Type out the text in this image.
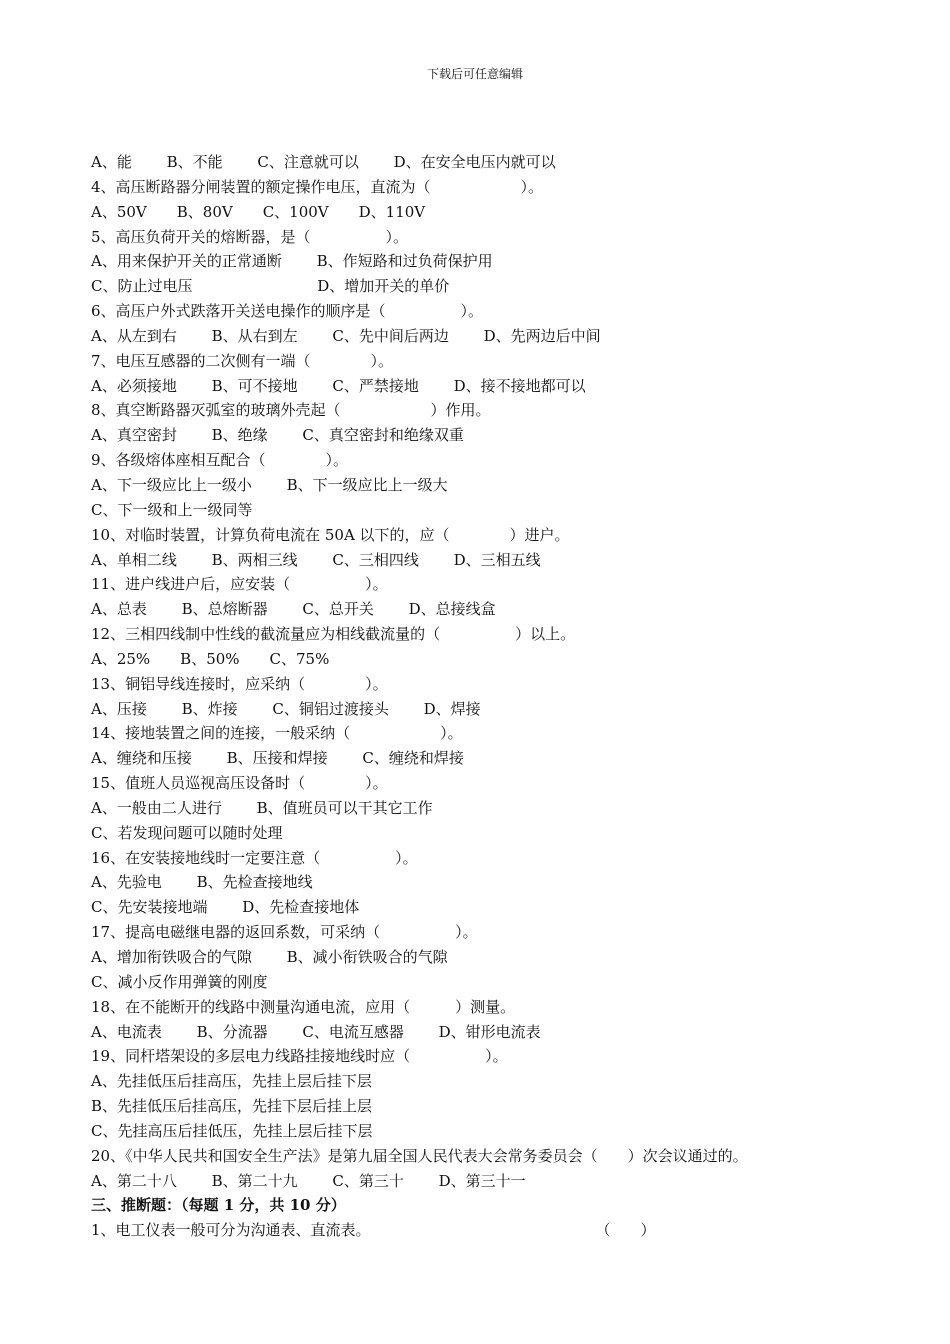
下载后可任意编辑
A、能　　 B、不能　　 C、注意就可以　　 D、在安全电压内就可以
4、高压断路器分闸装置的额定操作电压，直流为（　　　　　　）。
A、50V　　B、80V　　C、100V　　D、110V
5、高压负荷开关的熔断器，是（　　　　　）。
A、用来保护开关的正常通断　　 B、作短路和过负荷保护用
C、防止过电压　　　　　　　　 D、增加开关的单价
6、高压户外式跌落开关送电操作的顺序是（　　　　　）。
A、从左到右　　 B、从右到左　　 C、先中间后两边　　 D、先两边后中间
7、电压互感器的二次侧有一端（　　　　）。
A、必须接地　　 B、可不接地　　 C、严禁接地　　 D、接不接地都可以
8、真空断路器灭弧室的玻璃外壳起（　　　　　　）作用。
A、真空密封　　 B、绝缘　　 C、真空密封和绝缘双重
9、各级熔体座相互配合（　　　　）。
A、下一级应比上一级小　　 B、下一级应比上一级大
C、下一级和上一级同等
10、对临时装置，计算负荷电流在 50A 以下的，应（　　　　）进户。
A、单相二线　　 B、两相三线　　 C、三相四线　　 D、三相五线
11、进户线进户后，应安装（　　　　　）。
A、总表　　 B、总熔断器　　 C、总开关　　 D、总接线盒
12、三相四线制中性线的截流量应为相线截流量的（　　　　　）以上。
A、25%　　B、50%　　C、75%
13、铜铝导线连接时，应采纳（　　　　）。
A、压接　　 B、炸接　　 C、铜铝过渡接头　　 D、焊接
14、接地装置之间的连接，一般采纳（　　　　　　）。
A、缠绕和压接　　 B、压接和焊接　　 C、缠绕和焊接
15、值班人员巡视高压设备时（　　　　）。
A、一般由二人进行　　 B、值班员可以干其它工作
C、若发现问题可以随时处理
16、在安装接地线时一定要注意（　　　　　）。
A、先验电　　 B、先检查接地线
C、先安装接地端　　 D、先检查接地体
17、提高电磁继电器的返回系数，可采纳（　　　　　）。
A、增加衔铁吸合的气隙　　 B、减小衔铁吸合的气隙
C、减小反作用弹簧的刚度
18、在不能断开的线路中测量沟通电流，应用（　　　）测量。
A、电流表　　 B、分流器　　 C、电流互感器　　 D、钳形电流表
19、同杆塔架设的多层电力线路挂接地线时应（　　　　　）。
A、先挂低压后挂高压，先挂上层后挂下层
B、先挂低压后挂高压，先挂下层后挂上层
C、先挂高压后挂低压，先挂上层后挂下层
20、《中华人民共和国安全生产法》是第九届全国人民代表大会常务委员会（　　）次会议通过的。
A、第二十八　　 B、第二十九　　 C、第三十　　 D、第三十一
三、推断题：（每题 1 分，共 10 分）
1、电工仪表一般可分为沟通表、直流表。　　　　　　　　　　　　　　　　（　　）
